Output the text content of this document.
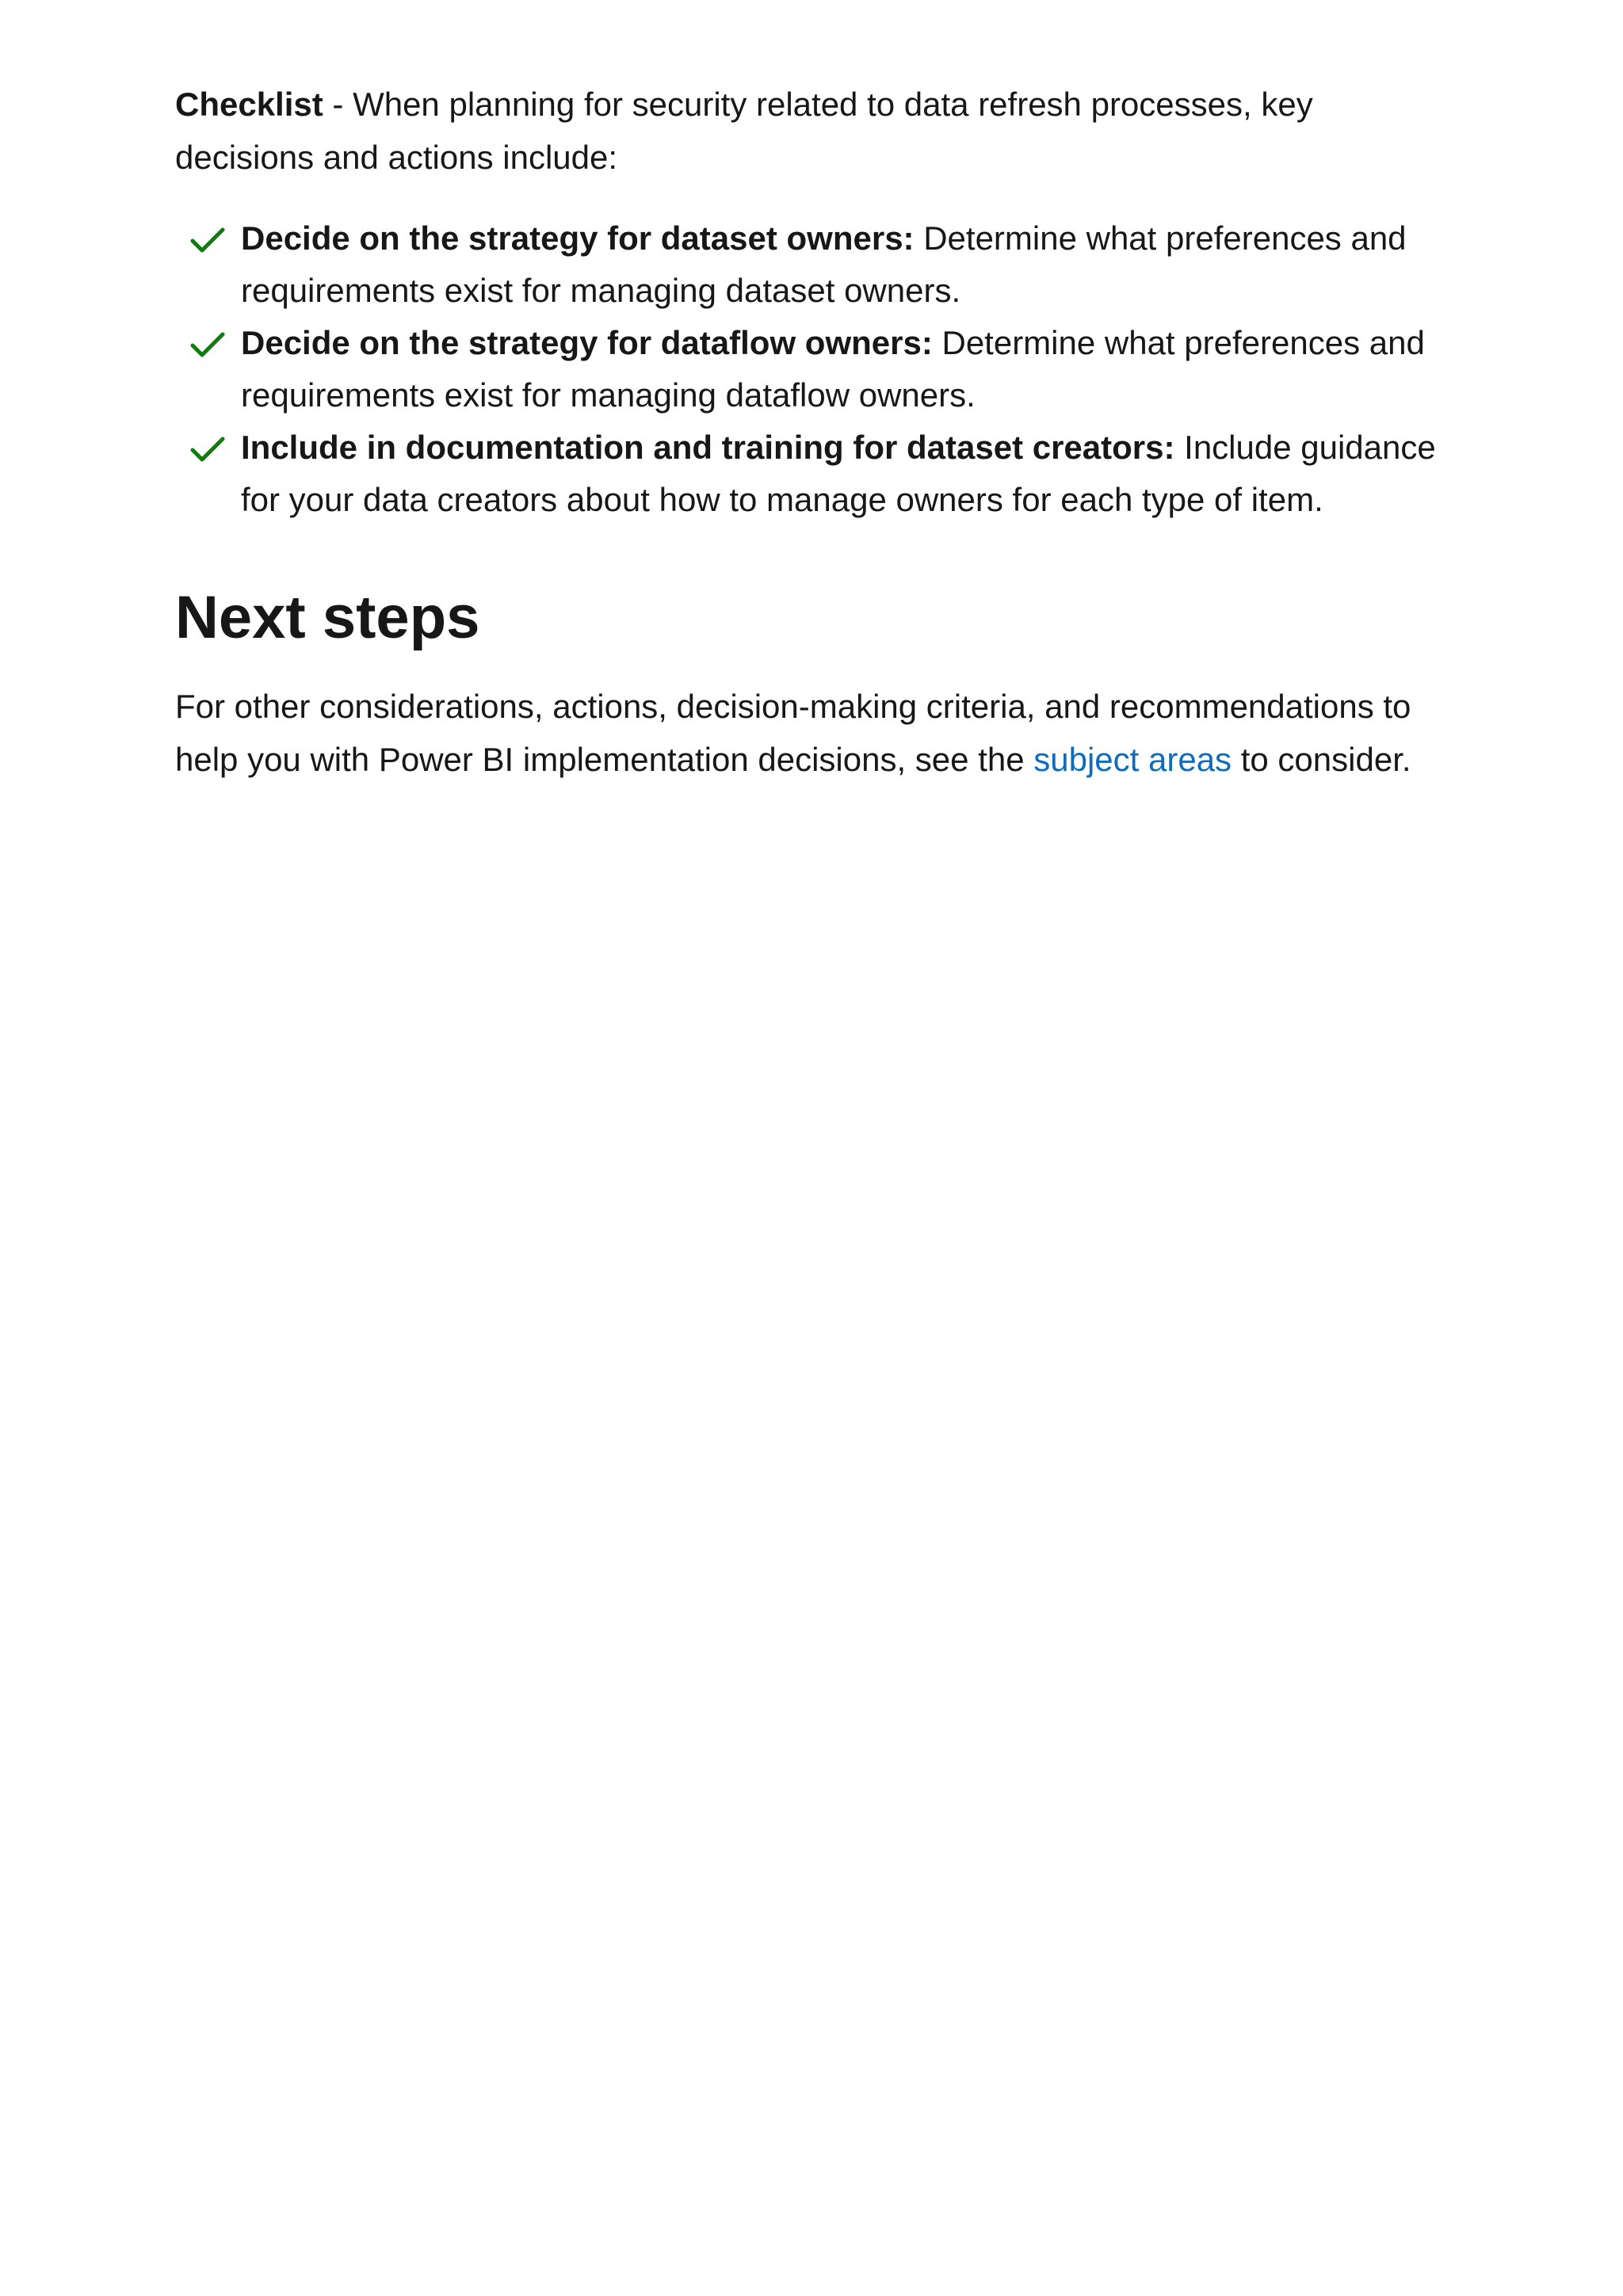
Checklist - When planning for security related to data refresh processes, key decisions and actions include:

Decide on the strategy for dataset owners: Determine what preferences and requirements exist for managing dataset owners.
Decide on the strategy for dataflow owners: Determine what preferences and requirements exist for managing dataflow owners.
Include in documentation and training for dataset creators: Include guidance for your data creators about how to manage owners for each type of item.
Next steps

For other considerations, actions, decision-making criteria, and recommendations to help you with Power BI implementation decisions, see the subject areas to consider.
